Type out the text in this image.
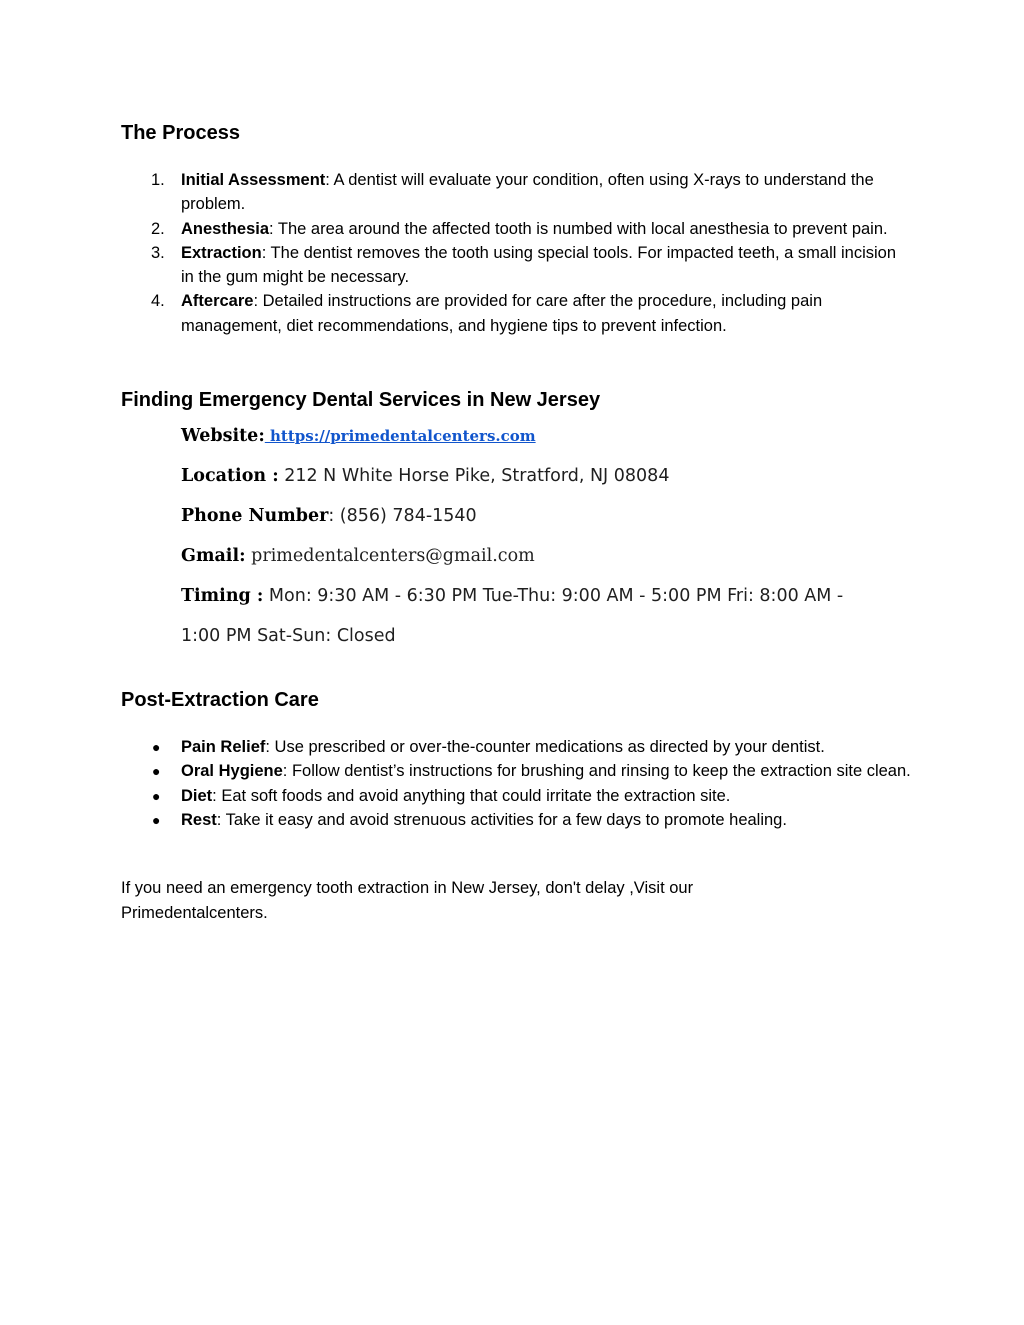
The Process
1. Initial Assessment: A dentist will evaluate your condition, often using X-rays to understand the problem.
2. Anesthesia: The area around the affected tooth is numbed with local anesthesia to prevent pain.
3. Extraction: The dentist removes the tooth using special tools. For impacted teeth, a small incision in the gum might be necessary.
4. Aftercare: Detailed instructions are provided for care after the procedure, including pain management, diet recommendations, and hygiene tips to prevent infection.
Finding Emergency Dental Services in New Jersey
Website: https://primedentalcenters.com
Location : 212 N White Horse Pike, Stratford, NJ 08084
Phone Number: (856) 784-1540
Gmail: primedentalcenters@gmail.com
Timing : Mon: 9:30 AM - 6:30 PM Tue-Thu: 9:00 AM - 5:00 PM Fri: 8:00 AM -
1:00 PM Sat-Sun: Closed
Post-Extraction Care
● Pain Relief: Use prescribed or over-the-counter medications as directed by your dentist.
● Oral Hygiene: Follow dentist’s instructions for brushing and rinsing to keep the extraction site clean.
● Diet: Eat soft foods and avoid anything that could irritate the extraction site.
● Rest: Take it easy and avoid strenuous activities for a few days to promote healing.

If you need an emergency tooth extraction in New Jersey, don't delay ,Visit our Primedentalcenters.
